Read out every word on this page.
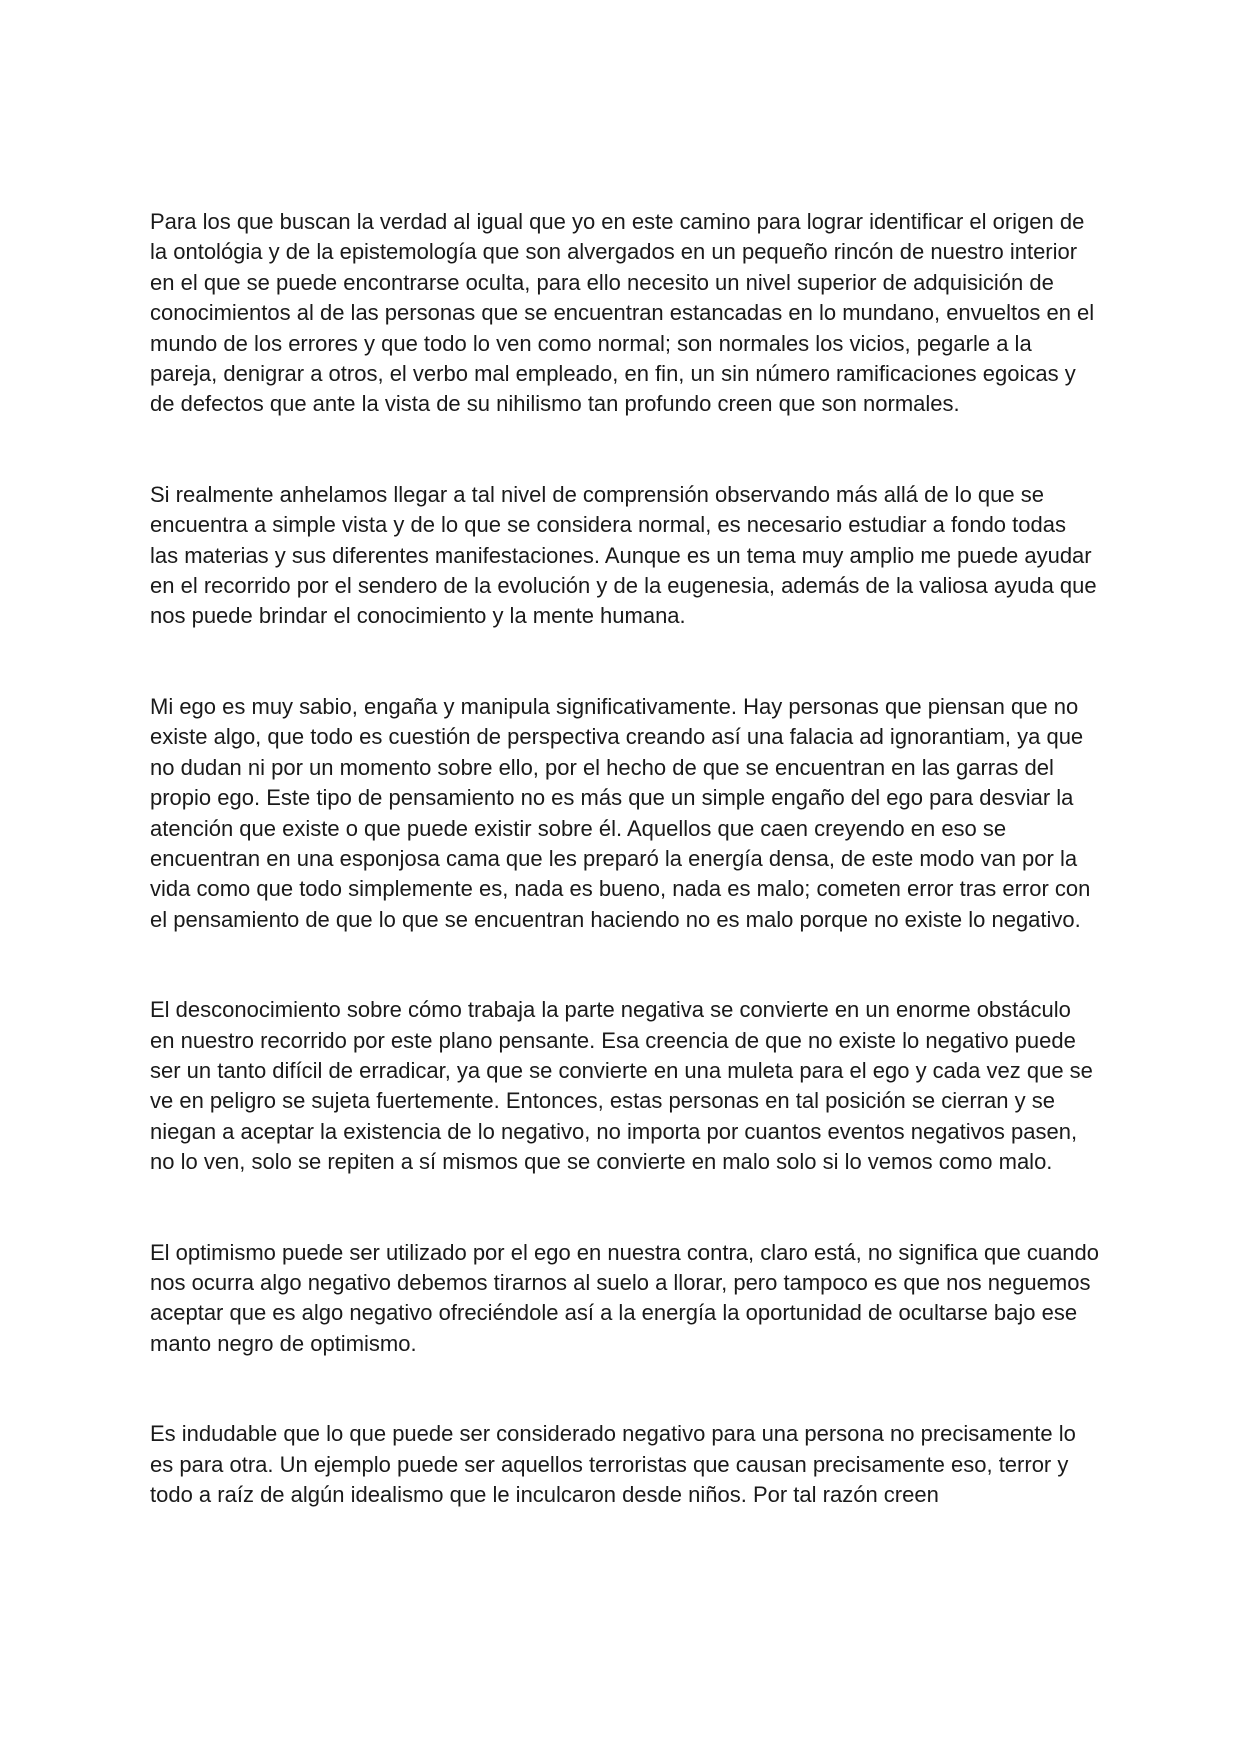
Para los que buscan la verdad al igual que yo en este camino para lograr identificar el origen de la ontológia y de la epistemología que son alvergados en un pequeño rincón de nuestro interior en el que se puede encontrarse oculta, para ello necesito un nivel superior de adquisición de conocimientos al de las personas que se encuentran estancadas en lo mundano, envueltos en el mundo de los errores y que todo lo ven como normal; son normales los vicios, pegarle a la pareja, denigrar a otros, el verbo mal empleado, en fin, un sin número ramificaciones egoicas y de defectos que ante la vista de su nihilismo tan profundo creen que son normales.

Si realmente anhelamos llegar a tal nivel de comprensión observando más allá de lo que se encuentra a simple vista y de lo que se considera normal, es necesario estudiar a fondo todas las materias y sus diferentes manifestaciones. Aunque es un tema muy amplio me puede ayudar en el recorrido por el sendero de la evolución y de la eugenesia, además de la valiosa ayuda que nos puede brindar el conocimiento y la mente humana.

Mi ego es muy sabio, engaña y manipula significativamente. Hay personas que piensan que no existe algo, que todo es cuestión de perspectiva creando así una falacia ad ignorantiam, ya que no dudan ni por un momento sobre ello, por el hecho de que se encuentran en las garras del propio ego. Este tipo de pensamiento no es más que un simple engaño del ego para desviar la atención que existe o que puede existir sobre él. Aquellos que caen creyendo en eso se encuentran en una esponjosa cama que les preparó la energía densa, de este modo van por la vida como que todo simplemente es, nada es bueno, nada es malo; cometen error tras error con el pensamiento de que lo que se encuentran haciendo no es malo porque no existe lo negativo.

El desconocimiento sobre cómo trabaja la parte negativa se convierte en un enorme obstáculo en nuestro recorrido por este plano pensante. Esa creencia de que no existe lo negativo puede ser un tanto difícil de erradicar, ya que se convierte en una muleta para el ego y cada vez que se ve en peligro se sujeta fuertemente. Entonces, estas personas en tal posición se cierran y se niegan a aceptar la existencia de lo negativo, no importa por cuantos eventos negativos pasen, no lo ven, solo se repiten a sí mismos que se convierte en malo solo si lo vemos como malo.

El optimismo puede ser utilizado por el ego en nuestra contra, claro está, no significa que cuando nos ocurra algo negativo debemos tirarnos al suelo a llorar, pero tampoco es que nos neguemos aceptar que es algo negativo ofreciéndole así a la energía la oportunidad de ocultarse bajo ese manto negro de optimismo.

Es indudable que lo que puede ser considerado negativo para una persona no precisamente lo es para otra. Un ejemplo puede ser aquellos terroristas que causan precisamente eso, terror y todo a raíz de algún idealismo que le inculcaron desde niños. Por tal razón creen
